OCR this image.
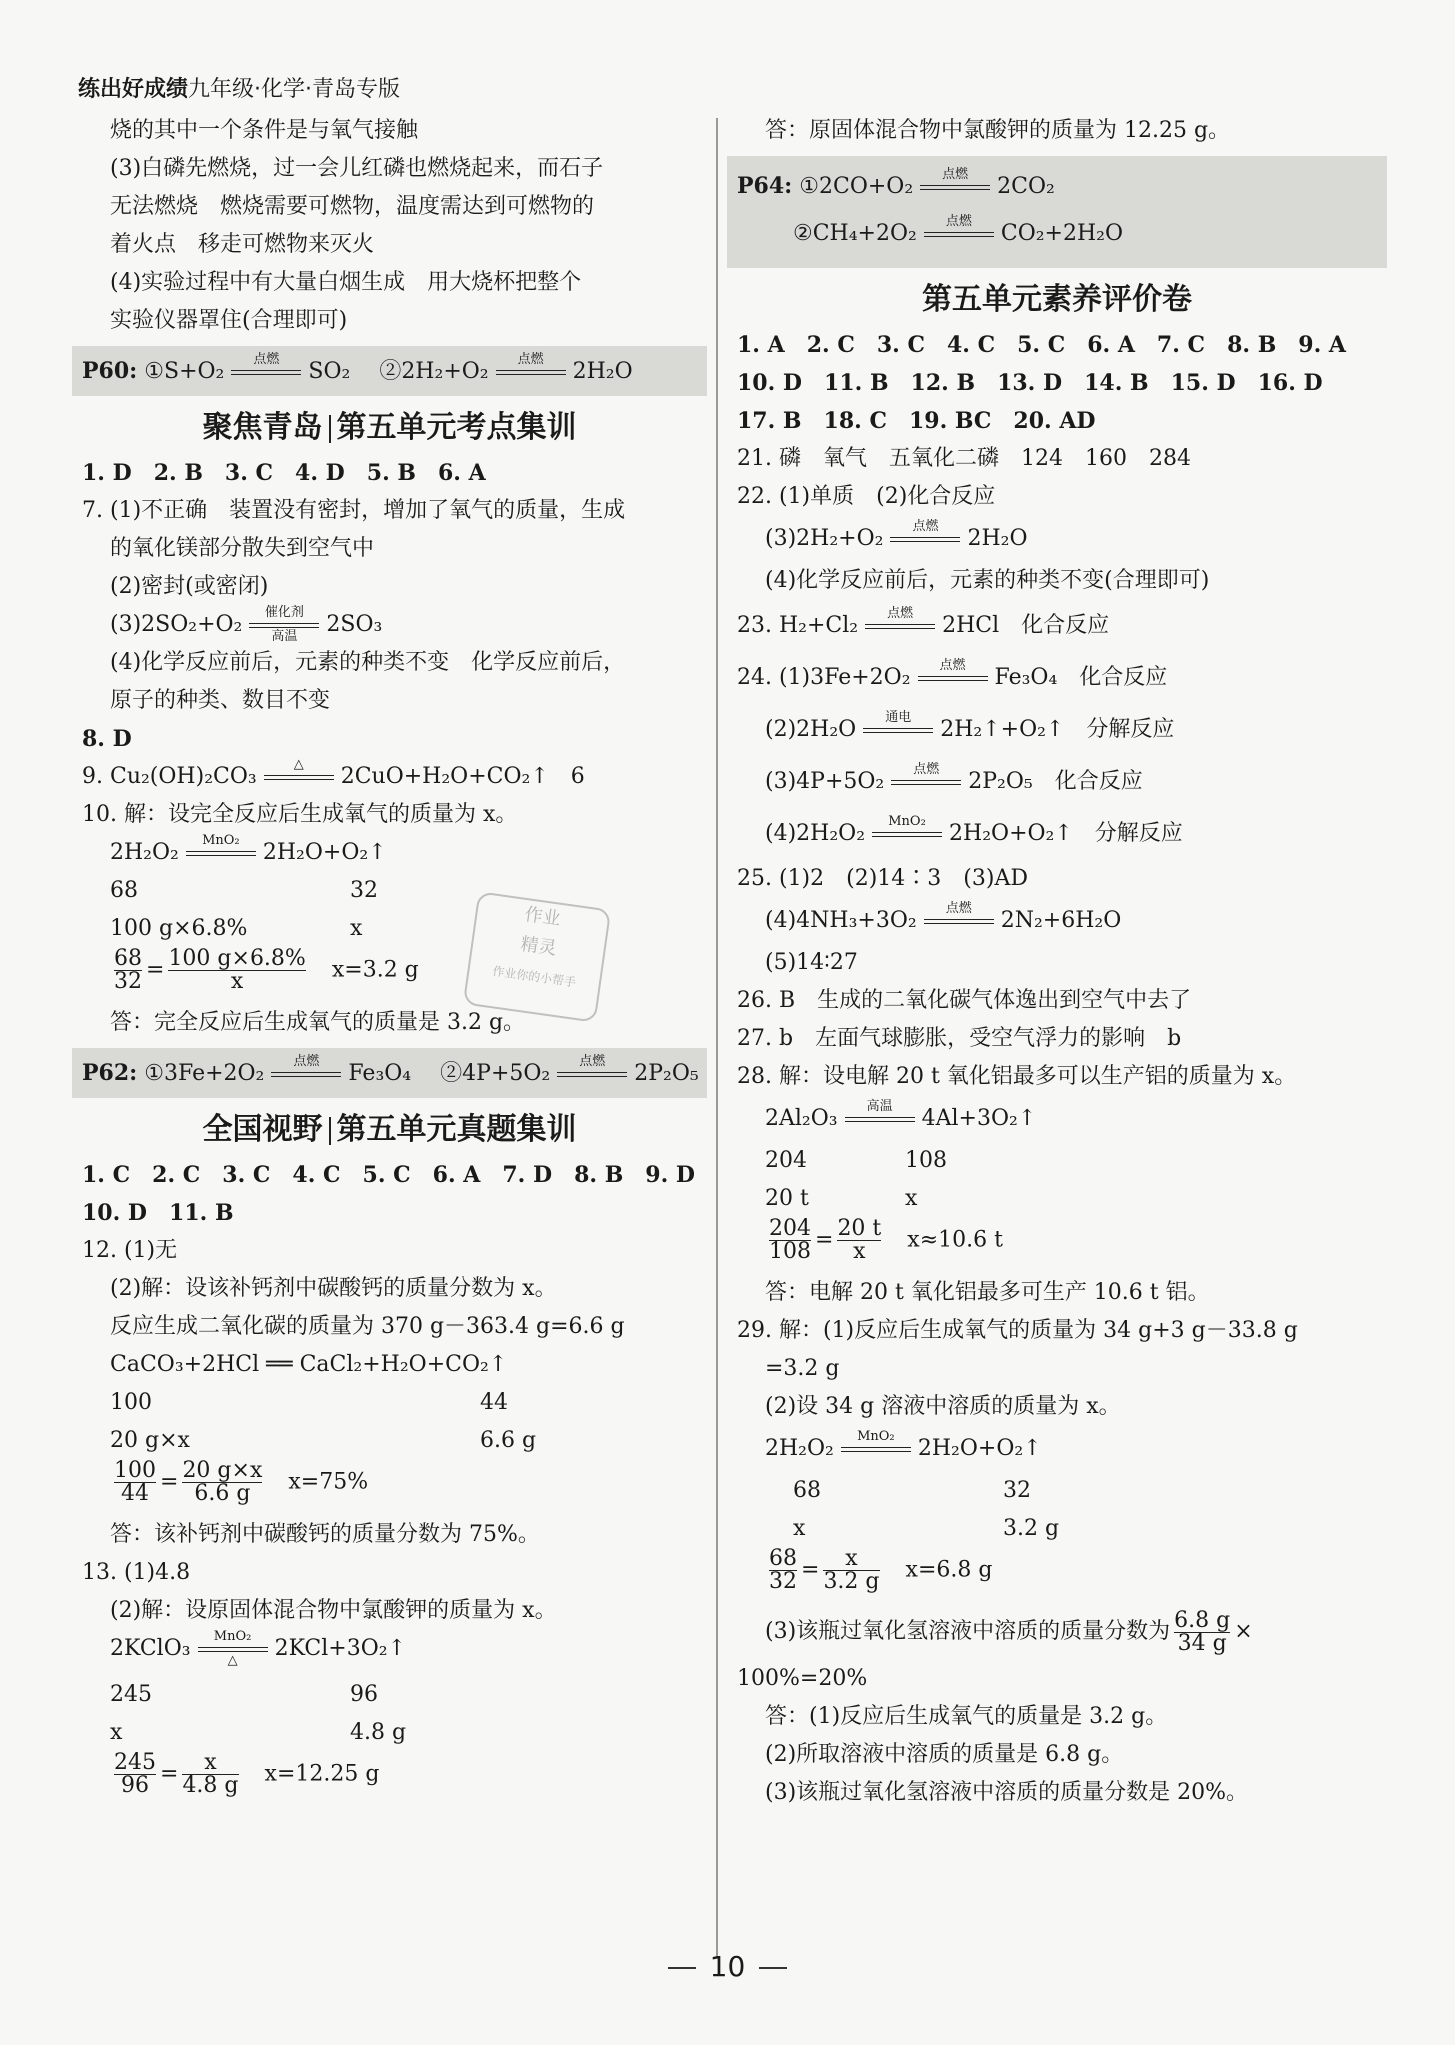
练出好成绩九年级·化学·青岛专版
烧的其中一个条件是与氧气接触
(3)白磷先燃烧，过一会儿红磷也燃烧起来，而石子
无法燃烧　燃烧需要可燃物，温度需达到可燃物的
着火点　移走可燃物来灭火
(4)实验过程中有大量白烟生成　用大烧杯把整个
实验仪器罩住(合理即可)
P60: ①S+O₂	点燃	SO₂　 ②2H₂+O₂	点燃	2H₂O
聚焦青岛 第五单元考点集训
1. D　2. B　3. C　4. D　5. B　6. A
7. (1)不正确　装置没有密封，增加了氧气的质量，生成
的氧化镁部分散失到空气中
(2)密封(或密闭)
(3)2SO₂+O₂	催化剂
高温	2SO₃
(4)化学反应前后，元素的种类不变　化学反应前后，
原子的种类、数目不变
8. D
9. Cu₂(OH)₂CO₃	△	2CuO+H₂O+CO₂↑　6
10. 解：设完全反应后生成氧气的质量为 x。
2H₂O₂	MnO₂	2H₂O+O₂↑
68	32
100 g×6.8%	x
$\frac{68}{32} = \frac{100 g\times 6.8\%}{x}$
　 x=3.2 g
答：完全反应后生成氧气的质量是 3.2 g。
P62: ①3Fe+2O₂	点燃	Fe₃O₄　 ②4P+5O₂	点燃	2P₂O₅
全国视野 第五单元真题集训
1. C　2. C　3. C　4. C　5. C　6. A　7. D　8. B　9. D
10. D　11. B
12. (1)无
(2)解：设该补钙剂中碳酸钙的质量分数为 x。
反应生成二氧化碳的质量为 370 g－363.4 g=6.6 g
CaCO₃+2HCl ══ CaCl₂+H₂O+CO₂↑
100	44
20 g×x	6.6 g
$\frac{100}{44} = \frac{20 g\times x}{6.6 g}$
　 x=75%
答：该补钙剂中碳酸钙的质量分数为 75%。
13. (1)4.8
(2)解：设原固体混合物中氯酸钾的质量为 x。
2KClO₃	MnO₂
△	2KCl+3O₂↑
245	96
x	4.8 g
$\frac{245}{96} = \frac{x}{4.8 g}$
　 x=12.25 g
作业
精灵
作业你的小帮手
答：原固体混合物中氯酸钾的质量为 12.25 g。
P64: ①2CO+O₂	点燃	2CO₂
②CH₄+2O₂	点燃	CO₂+2H₂O
第五单元素养评价卷
1. A　2. C　3. C　4. C　5. C　6. A　7. C　8. B　9. A
10. D　11. B　12. B　13. D　14. B　15. D　16. D
17. B　18. C　19. BC　20. AD
21. 磷　氧气　五氧化二磷　124　160　284
22. (1)单质　(2)化合反应
(3)2H₂+O₂	点燃	2H₂O
(4)化学反应前后，元素的种类不变(合理即可)
23. H₂+Cl₂	点燃	2HCl　化合反应
24. (1)3Fe+2O₂	点燃	Fe₃O₄　化合反应
(2)2H₂O	通电	2H₂↑+O₂↑　分解反应
(3)4P+5O₂	点燃	2P₂O₅　化合反应
(4)2H₂O₂	MnO₂	2H₂O+O₂↑　分解反应
25. (1)2　(2)14∶3　(3)AD
(4)4NH₃+3O₂	点燃	2N₂+6H₂O
(5)14∶27
26. B　生成的二氧化碳气体逸出到空气中去了
27. b　左面气球膨胀，受空气浮力的影响　b
28. 解：设电解 20 t 氧化铝最多可以生产铝的质量为 x。
2Al₂O₃	高温	4Al+3O₂↑
204	108
20 t	x
$\frac{204}{108} = \frac{20 t}{x}$
　 x≈10.6 t
答：电解 20 t 氧化铝最多可生产 10.6 t 铝。
29. 解：(1)反应后生成氧气的质量为 34 g+3 g－33.8 g
=3.2 g
(2)设 34 g 溶液中溶质的质量为 x。
2H₂O₂	MnO₂	2H₂O+O₂↑
68	32
x	3.2 g
$\frac{68}{32} = \frac{x}{3.2 g}$
　 x=6.8 g
(3)该瓶过氧化氢溶液中溶质的质量分数为 $\frac{6.8 g}{34 g}$ ×
100%=20%
答：(1)反应后生成氧气的质量是 3.2 g。
(2)所取溶液中溶质的质量是 6.8 g。
(3)该瓶过氧化氢溶液中溶质的质量分数是 20%。
10
